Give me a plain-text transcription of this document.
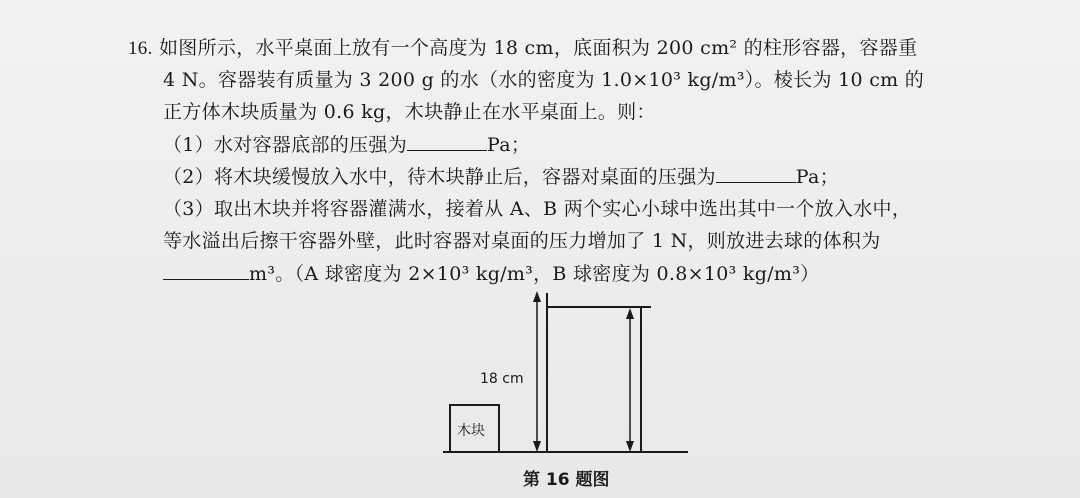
16. 如图所示，水平桌面上放有一个高度为 18 cm，底面积为 200 cm² 的柱形容器，容器重
4 N。容器装有质量为 3 200 g 的水（水的密度为 1.0×10³ kg/m³）。棱长为 10 cm 的
正方体木块质量为 0.6 kg，木块静止在水平桌面上。则：
（1）水对容器底部的压强为	Pa；
（2）将木块缓慢放入水中，待木块静止后，容器对桌面的压强为	Pa；
（3）取出木块并将容器灌满水，接着从 A、B 两个实心小球中选出其中一个放入水中，
等水溢出后擦干容器外壁，此时容器对桌面的压力增加了 1 N，则放进去球的体积为
m³。（A 球密度为 2×10³ kg/m³，B 球密度为 0.8×10³ kg/m³）
18 cm
木块
第 16 题图
